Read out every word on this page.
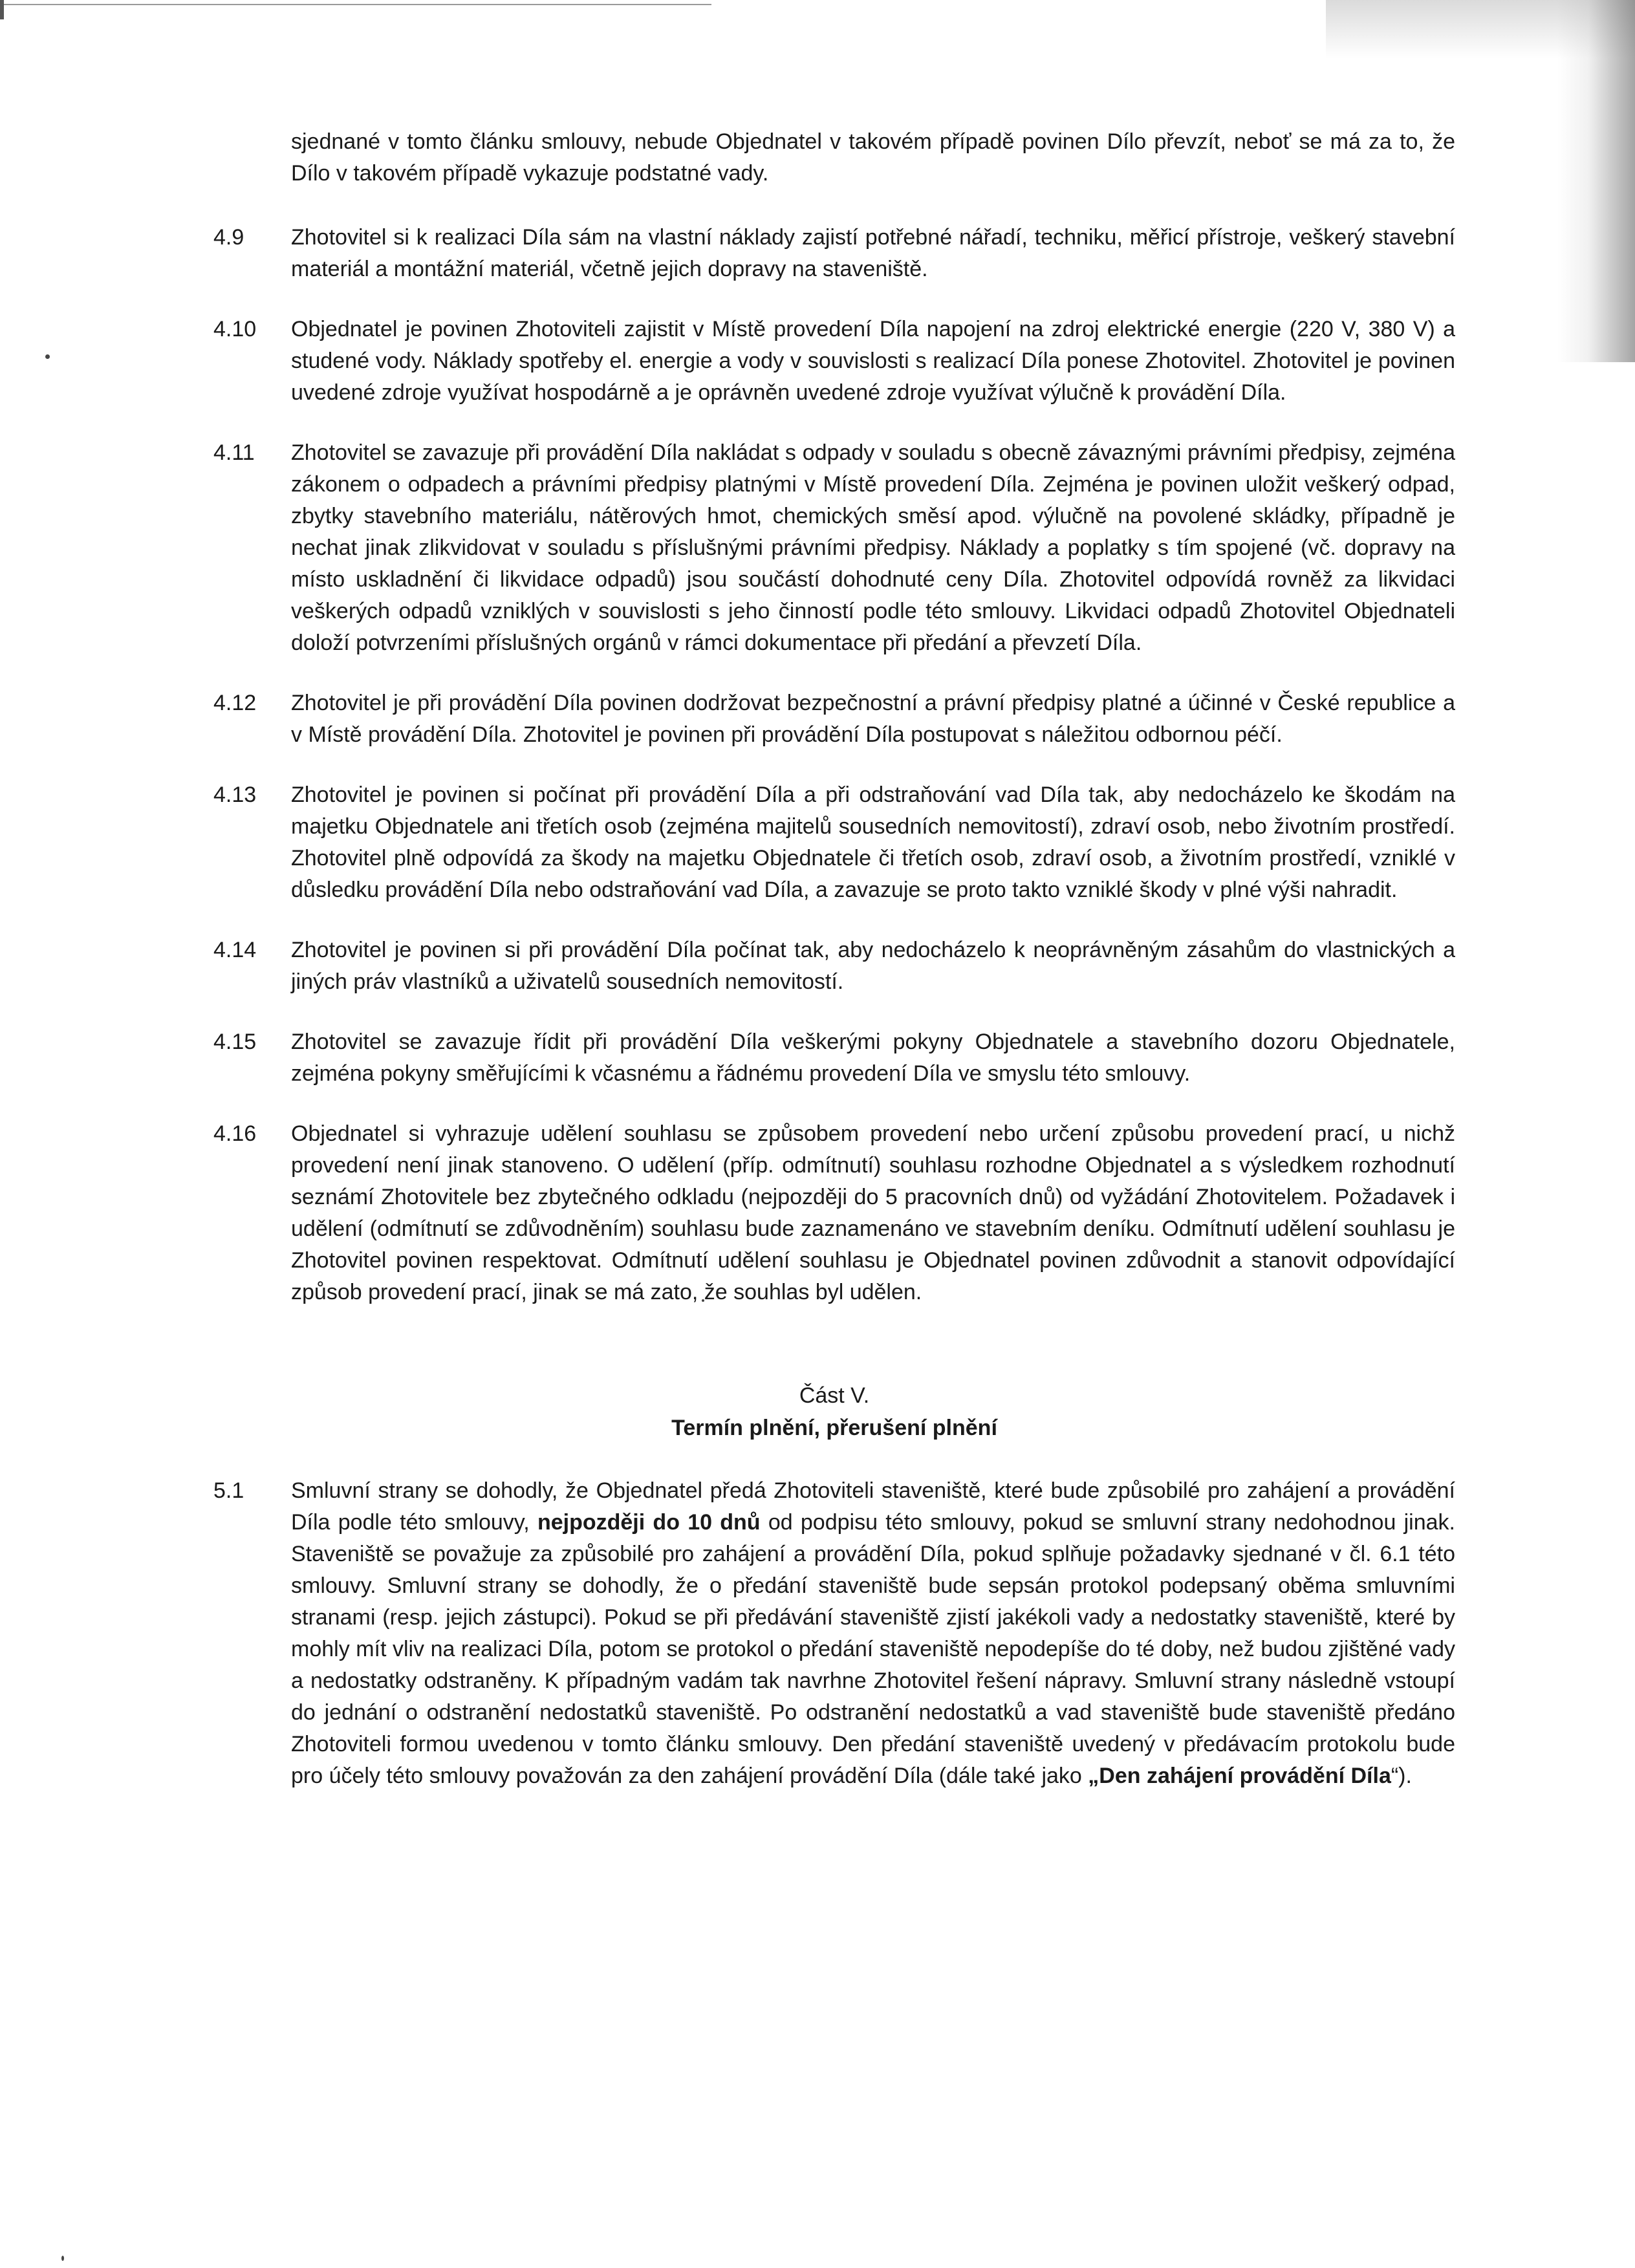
sjednané v tomto článku smlouvy, nebude Objednatel v takovém případě povinen Dílo převzít, neboť se má za to, že Dílo v takovém případě vykazuje podstatné vady.
4.9	Zhotovitel si k realizaci Díla sám na vlastní náklady zajistí potřebné nářadí, techniku, měřicí přístroje, veškerý stavební materiál a montážní materiál, včetně jejich dopravy na staveniště.
4.10	Objednatel je povinen Zhotoviteli zajistit v Místě provedení Díla napojení na zdroj elektrické energie (220 V, 380 V) a studené vody. Náklady spotřeby el. energie a vody v souvislosti s realizací Díla ponese Zhotovitel. Zhotovitel je povinen uvedené zdroje využívat hospodárně a je oprávněn uvedené zdroje využívat výlučně k provádění Díla.
4.11	Zhotovitel se zavazuje při provádění Díla nakládat s odpady v souladu s obecně závaznými právními předpisy, zejména zákonem o odpadech a právními předpisy platnými v Místě provedení Díla. Zejména je povinen uložit veškerý odpad, zbytky stavebního materiálu, nátěrových hmot, chemických směsí apod. výlučně na povolené skládky, případně je nechat jinak zlikvidovat v souladu s příslušnými právními předpisy. Náklady a poplatky s tím spojené (vč. dopravy na místo uskladnění či likvidace odpadů) jsou součástí dohodnuté ceny Díla. Zhotovitel odpovídá rovněž za likvidaci veškerých odpadů vzniklých v souvislosti s jeho činností podle této smlouvy. Likvidaci odpadů Zhotovitel Objednateli doloží potvrzeními příslušných orgánů v rámci dokumentace při předání a převzetí Díla.
4.12	Zhotovitel je při provádění Díla povinen dodržovat bezpečnostní a právní předpisy platné a účinné v České republice a v Místě provádění Díla. Zhotovitel je povinen při provádění Díla postupovat s náležitou odbornou péčí.
4.13	Zhotovitel je povinen si počínat při provádění Díla a při odstraňování vad Díla tak, aby nedocházelo ke škodám na majetku Objednatele ani třetích osob (zejména majitelů sousedních nemovitostí), zdraví osob, nebo životním prostředí. Zhotovitel plně odpovídá za škody na majetku Objednatele či třetích osob, zdraví osob, a životním prostředí, vzniklé v důsledku provádění Díla nebo odstraňování vad Díla, a zavazuje se proto takto vzniklé škody v plné výši nahradit.
4.14	Zhotovitel je povinen si při provádění Díla počínat tak, aby nedocházelo k neoprávněným zásahům do vlastnických a jiných práv vlastníků a uživatelů sousedních nemovitostí.
4.15	Zhotovitel se zavazuje řídit při provádění Díla veškerými pokyny Objednatele a stavebního dozoru Objednatele, zejména pokyny směřujícími k včasnému a řádnému provedení Díla ve smyslu této smlouvy.
4.16	Objednatel si vyhrazuje udělení souhlasu se způsobem provedení nebo určení způsobu provedení prací, u nichž provedení není jinak stanoveno. O udělení (příp. odmítnutí) souhlasu rozhodne Objednatel a s výsledkem rozhodnutí seznámí Zhotovitele bez zbytečného odkladu (nejpozději do 5 pracovních dnů) od vyžádání Zhotovitelem. Požadavek i udělení (odmítnutí se zdůvodněním) souhlasu bude zaznamenáno ve stavebním deníku. Odmítnutí udělení souhlasu je Zhotovitel povinen respektovat. Odmítnutí udělení souhlasu je Objednatel povinen zdůvodnit a stanovit odpovídající způsob provedení prací, jinak se má zato, že souhlas byl udělen.
Část V.
Termín plnění, přerušení plnění
5.1	Smluvní strany se dohodly, že Objednatel předá Zhotoviteli staveniště, které bude způsobilé pro zahájení a provádění Díla podle této smlouvy, nejpozději do 10 dnů od podpisu této smlouvy, pokud se smluvní strany nedohodnou jinak. Staveniště se považuje za způsobilé pro zahájení a provádění Díla, pokud splňuje požadavky sjednané v čl. 6.1 této smlouvy. Smluvní strany se dohodly, že o předání staveniště bude sepsán protokol podepsaný oběma smluvními stranami (resp. jejich zástupci). Pokud se při předávání staveniště zjistí jakékoli vady a nedostatky staveniště, které by mohly mít vliv na realizaci Díla, potom se protokol o předání staveniště nepodepíše do té doby, než budou zjištěné vady a nedostatky odstraněny. K případným vadám tak navrhne Zhotovitel řešení nápravy. Smluvní strany následně vstoupí do jednání o odstranění nedostatků staveniště. Po odstranění nedostatků a vad staveniště bude staveniště předáno Zhotoviteli formou uvedenou v tomto článku smlouvy. Den předání staveniště uvedený v předávacím protokolu bude pro účely této smlouvy považován za den zahájení provádění Díla (dále také jako „Den zahájení provádění Díla“).
